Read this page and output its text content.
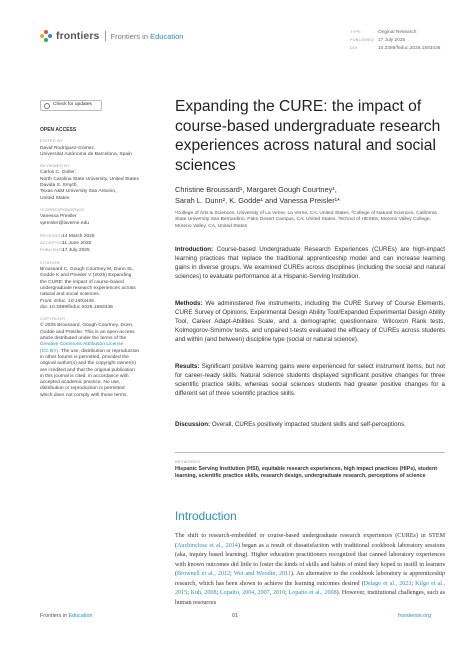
frontiers Frontiers in Education	TYPE	Original Research
PUBLISHED 17 July 2025
DOI	10.3389/feduc.2025.1593436
Check for updates
OPEN ACCESS
EDITED BY
David Rodríguez-Gómez,
Universitat Autònoma de Barcelona, Spain
REVIEWED BY
Carlos C. Goller,
North Carolina State University, United States
Davida S. Smyth,
Texas A&M University San Antonio,
United States
*CORRESPONDENCE
Vanessa Preisler
vpreisler@laverne.edu
RECEIVED14 March 2025
ACCEPTED11 June 2025
PUBLISHED17 July 2025
CITATION
Broussard C, Gough Courtney M, Dunn SL,
Godde K and Preisler V (2025) Expanding
the CURE: the impact of course-based
undergraduate research experiences across
natural and social sciences.
Front. Educ. 10:1593436.
doi: 10.3389/feduc.2025.1593436
COPYRIGHT
© 2025 Broussard, Gough Courtney, Dunn,
Godde and Preisler. This is an open-access
article distributed under the terms of the
Creative Commons Attribution License
(CC BY). The use, distribution or reproduction
in other forums is permitted, provided the
original author(s) and the copyright owner(s)
are credited and that the original publication
in this journal is cited, in accordance with
accepted academic practice. No use,
distribution or reproduction is permitted
which does not comply with these terms.
Expanding the CURE: the impact of course-based undergraduate research experiences across natural and social sciences
Christine Broussard¹, Margaret Gough Courtney¹,
Sarah L. Dunn², K. Godde¹ and Vanessa Preisler¹*
¹College of Arts & Sciences, University of La Verne, La Verne, CA, United States, ²College of Natural Sciences, California State University San Bernardino, Palm Desert Campus, CA, United States, ³School of HESBS, Moreno Valley College, Moreno Valley, CA, United States

Introduction: Course-based Undergraduate Research Experiences (CUREs) are high-impact learning practices that replace the traditional apprenticeship model and can increase learning gains in diverse groups. We examined CUREs across disciplines (including the social and natural sciences) to evaluate performance at a Hispanic-Serving Institution.

Methods: We administered five instruments, including the CURE Survey of Course Elements, CURE Survey of Opinions, Experimental Design Ability Tool/Expanded Experimental Design Ability Tool, Career Adapt-Abilities Scale, and a demographic questionnaire. Wilcoxon Rank tests, Kolmogorov-Smirnov tests, and unpaired t-tests evaluated the efficacy of CUREs across students and within (and between) discipline type (social or natural science).

Results: Significant positive learning gains were experienced for select instrument items, but not for career-ready skills. Natural science students displayed significant positive changes for three scientific practice skills, whereas social sciences students had greater positive changes for a different set of three scientific practice skills.

Discussion: Overall, CUREs positively impacted student skills and self-perceptions.

KEYWORDS
Hispanic Serving Institution (HSI), equitable research experiences, high impact practices (HIPs), student learning, scientific practice skills, research design, undergraduate research, perceptions of science
Introduction

The shift to research-embedded or course-based undergraduate research experiences (CUREs) in STEM (Auchincloss et al., 2014) began as a result of dissatisfaction with traditional cookbook laboratory sessions (aka, inquiry based learning). Higher education practitioners recognized that canned laboratory experiences with known outcomes did little to foster the kinds of skills and habits of mind they hoped to instill in learners (Brownell et al., 2012; Wei and Woodin, 2011). An alternative to the cookbook laboratory is apprenticeship research, which has been shown to achieve the learning outcomes desired (Delago et al., 2023; Kilgo et al., 2015; Kuh, 2008; Lopatto, 2004, 2007, 2010; Lopatto et al., 2008). However, institutional challenges, such as human resources

Frontiers in Education	01	frontiersin.org
